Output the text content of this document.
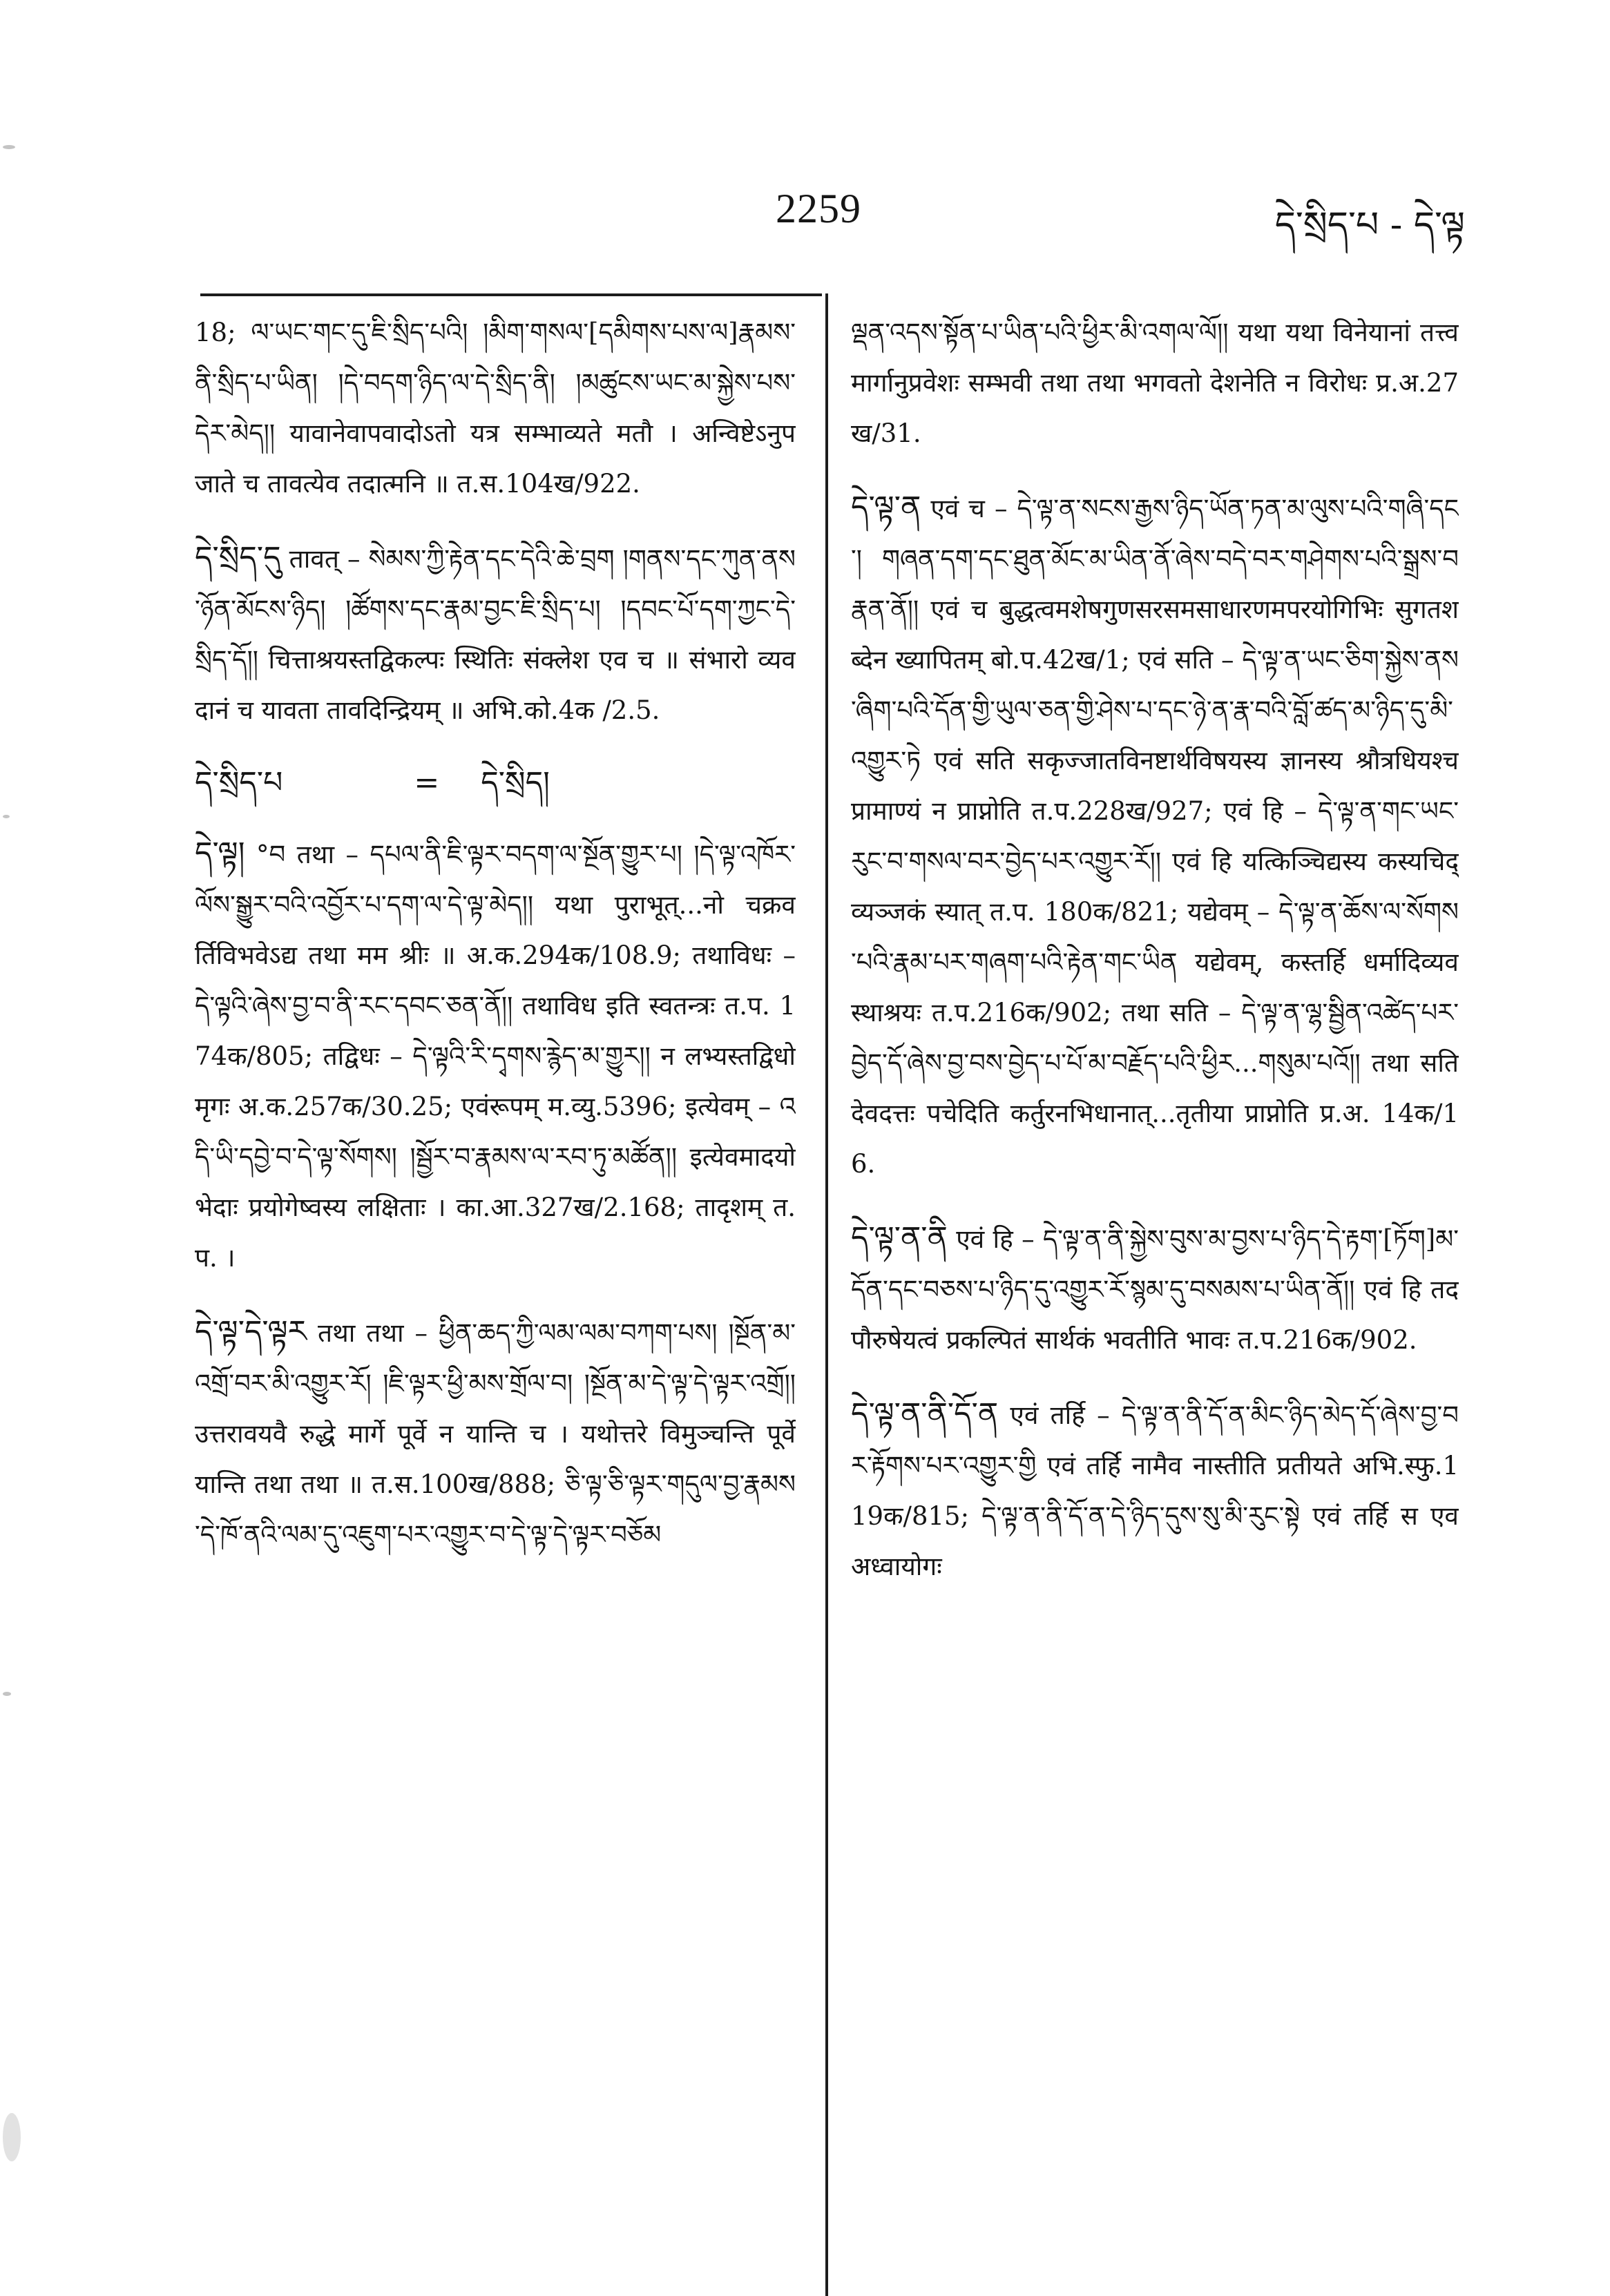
2259	དེ་སྲིད་པ - དེ་ལྟ

18; ལ་ཡང་གང་དུ་ཇི་སྲིད་པའི། །མིག་གསལ་[དམིགས་པས་ལ]རྣམས་ནི་སྲིད་པ་ཡིན། །དེ་བདག་ཉིད་ལ་དེ་སྲིད་ནི། །མཚུངས་ཡང་མ་སྐྱེས་པས་དེར་མེད།། यावानेवापवादोऽतो यत्र सम्भाव्यते मतौ । अन्विष्टेऽनुपजाते च तावत्येव तदात्मनि ॥ त.स.104ख/922.

དེ་སྲིད་དུ तावत् – སེམས་ཀྱི་རྟེན་དང་དེའི་ཆེ་བྲག །གནས་དང་ཀུན་ནས་ཉོན་མོངས་ཉིད། །ཚོགས་དང་རྣམ་བྱང་ཇི་སྲིད་པ། །དབང་པོ་དག་ཀྱང་དེ་སྲིད་དོ།། चित्ताश्रयस्तद्विकल्पः स्थितिः संक्लेश एव च ॥ संभारो व्यवदानं च यावता तावदिन्द्रियम् ॥ अभि.को.4क /2.5.

དེ་སྲིད་པ	= དེ་སྲིད།

དེ་ལྟ། °བ तथा – དཔལ་ནི་ཇི་ལྟར་བདག་ལ་སྔོན་གྱུར་པ། །དེ་ལྟ་འཁོར་ལོས་སྒྱུར་བའི་འབྱོར་པ་དག་ལ་དེ་ལྟ་མེད།། यथा पुराभूत्...नो चक्रवर्तिविभवेऽद्य तथा मम श्रीः ॥ अ.क.294क/108.9; तथाविधः – དེ་ལྟའི་ཞེས་བྱ་བ་ནི་རང་དབང་ཅན་ནོ།། तथाविध इति स्वतन्त्रः त.प. 174क/805; तद्विधः – དེ་ལྟའི་རི་དྭགས་རྙེད་མ་གྱུར།། न लभ्यस्तद्विधो मृगः अ.क.257क/30.25; एवंरूपम् म.व्यु.5396; इत्येवम् – འདི་ཡི་དབྱེ་བ་དེ་ལྟ་སོགས། །སྦྱོར་བ་རྣམས་ལ་རབ་ཏུ་མཚོན།། इत्येवमादयो भेदाः प्रयोगेष्वस्य लक्षिताः । का.आ.327ख/2.168; तादृशम् त.प. ।

དེ་ལྟ་དེ་ལྟར तथा तथा – ཕྱིན་ཆད་ཀྱི་ལམ་ལམ་བཀག་པས། །སྔོན་མ་འགྲོ་བར་མི་འགྱུར་རོ། །ཇི་ལྟར་ཕྱི་མས་གྲོལ་བ། །སྔོན་མ་དེ་ལྟ་དེ་ལྟར་འགྲོ།། उत्तरावयवै रुद्धे मार्गे पूर्वे न यान्ति च । यथोत्तरे विमुञ्चन्ति पूर्वे यान्ति तथा तथा ॥ त.स.100ख/888; ཅི་ལྟ་ཅི་ལྟར་གདུལ་བྱ་རྣམས་དེ་ཁོ་ནའི་ལམ་དུ་འཇུག་པར་འགྱུར་བ་དེ་ལྟ་དེ་ལྟར་བཅོམ

ལྡན་འདས་སྟོན་པ་ཡིན་པའི་ཕྱིར་མི་འགལ་ལོ།། यथा यथा विनेयानां तत्त्वमार्गानुप्रवेशः सम्भवी तथा तथा भगवतो देशनेति न विरोधः प्र.अ.27ख/31.

དེ་ལྟ་ན एवं च – དེ་ལྟ་ན་སངས་རྒྱས་ཉིད་ཡོན་ཏན་མ་ལུས་པའི་གཞི་དང་། གཞན་དག་དང་ཐུན་མོང་མ་ཡིན་ནོ་ཞེས་བདེ་བར་གཤེགས་པའི་སྒྲས་བརྣན་ནོ།། एवं च बुद्धत्वमशेषगुणसरसमसाधारणमपरयोगिभिः सुगतशब्देन ख्यापितम् बो.प.42ख/1; एवं सति – དེ་ལྟ་ན་ཡང་ཅིག་སྐྱེས་ནས་ཞིག་པའི་དོན་གྱི་ཡུལ་ཅན་གྱི་ཤེས་པ་དང་ཉེ་ན་རྣ་བའི་བློ་ཚད་མ་ཉིད་དུ་མི་འགྱུར་ཏེ एवं सति सकृज्जातविनष्टार्थविषयस्य ज्ञानस्य श्रौत्रधियश्च प्रामाण्यं न प्राप्नोति त.प.228ख/927; एवं हि – དེ་ལྟ་ན་གང་ཡང་རུང་བ་གསལ་བར་བྱེད་པར་འགྱུར་རོ།། एवं हि यत्किञ्चिद्यस्य कस्यचिद् व्यञ्जकं स्यात् त.प. 180क/821; यद्येवम् – དེ་ལྟ་ན་ཆོས་ལ་སོགས་པའི་རྣམ་པར་གཞག་པའི་རྟེན་གང་ཡིན यद्येवम्, कस्तर्हि धर्मादिव्यवस्थाश्रयः त.प.216क/902; तथा सति – དེ་ལྟ་ན་ལྷ་སྦྱིན་འཚེད་པར་བྱེད་དོ་ཞེས་བྱ་བས་བྱེད་པ་པོ་མ་བརྗོད་པའི་ཕྱིར...གསུམ་པའོ།། तथा सति देवदत्तः पचेदिति कर्तुरनभिधानात्...तृतीया प्राप्नोति प्र.अ. 14क/16.

དེ་ལྟ་ན་ནི एवं हि – དེ་ལྟ་ན་ནི་སྐྱེས་བུས་མ་བྱས་པ་ཉིད་དེ་རྟག་[ཏོག]མ་དོན་དང་བཅས་པ་ཉིད་དུ་འགྱུར་རོ་སྙམ་དུ་བསམས་པ་ཡིན་ནོ།། एवं हि तदपौरुषेयत्वं प्रकल्पितं सार्थकं भवतीति भावः त.प.216क/902.

དེ་ལྟ་ན་ནི་དོ་ན एवं तर्हि – དེ་ལྟ་ན་ནི་དོ་ན་མིང་ཉིད་མེད་དོ་ཞེས་བྱ་བར་རྟོགས་པར་འགྱུར་གྱི एवं तर्हि नामैव नास्तीति प्रतीयते अभि.स्फु.119क/815; དེ་ལྟ་ན་ནི་དོ་ན་དེ་ཉིད་དུས་སུ་མི་རུང་སྟེ एवं तर्हि स एव अध्वायोगः
